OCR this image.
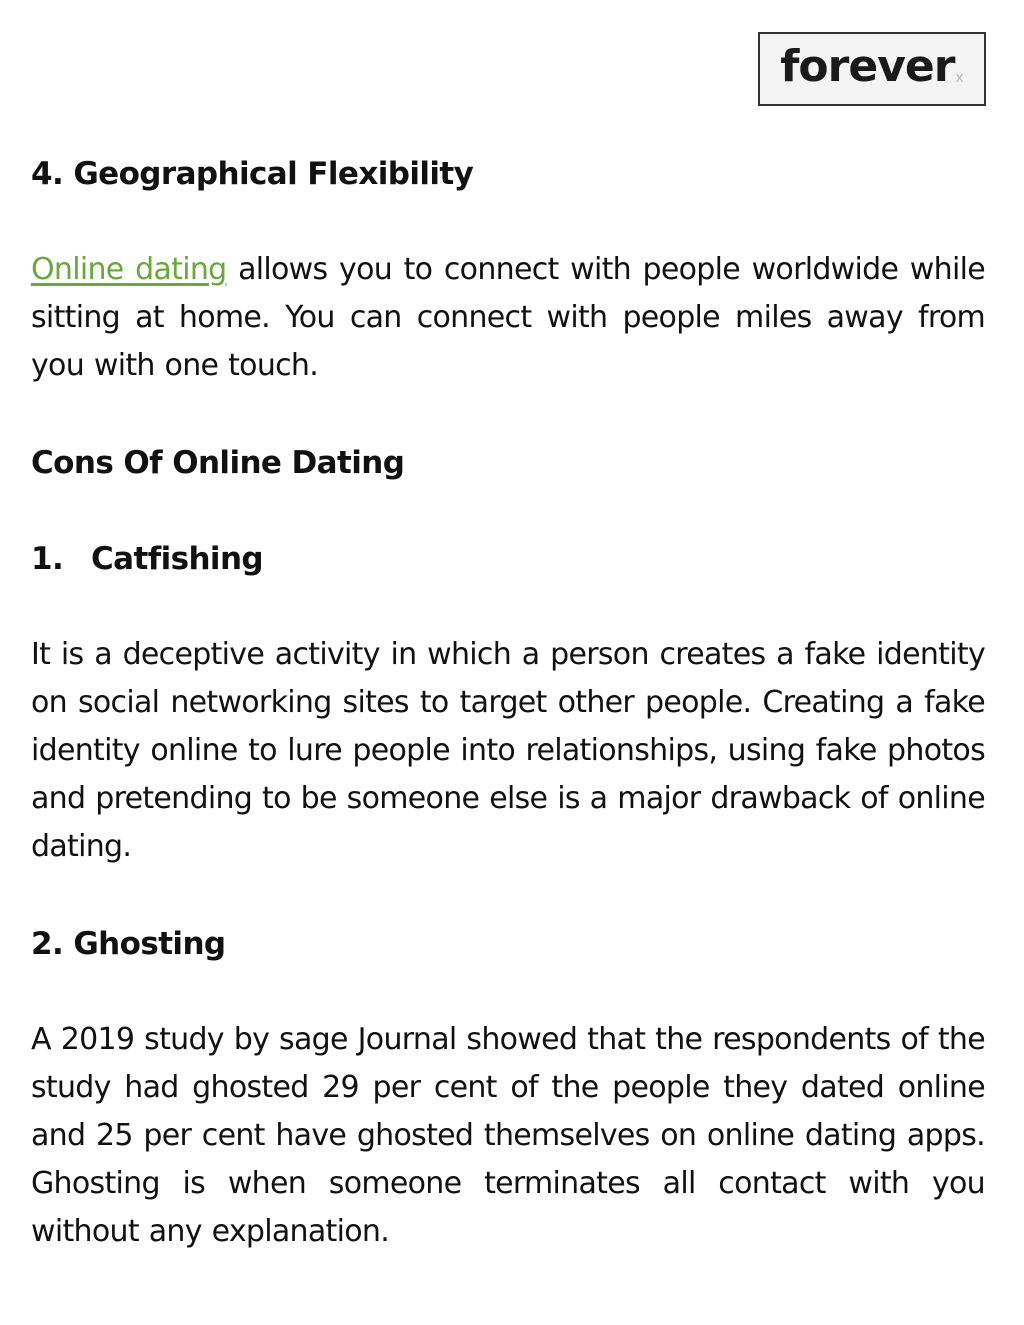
forever x
4. Geographical Flexibility

Online dating allows you to connect with people worldwide while sitting at home. You can connect with people miles away from you with one touch.

Cons Of Online Dating
1. Catfishing

It is a deceptive activity in which a person creates a fake identity on social networking sites to target other people. Creating a fake identity online to lure people into relationships, using fake photos and pretending to be someone else is a major drawback of online dating.

2. Ghosting

A 2019 study by sage Journal showed that the respondents of the study had ghosted 29 per cent of the people they dated online and 25 per cent have ghosted themselves on online dating apps. Ghosting is when someone terminates all contact with you without any explanation.
